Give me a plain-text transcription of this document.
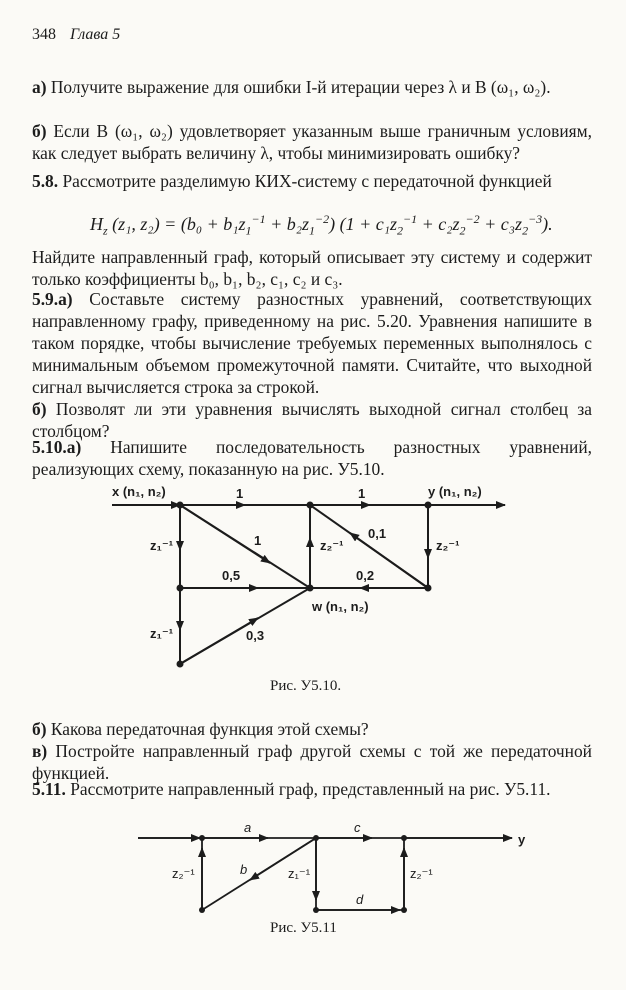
348 Глава 5

а) Получите выражение для ошибки I-й итерации через λ и B (ω₁, ω₂).

б) Если B (ω₁, ω₂) удовлетворяет указанным выше граничным условиям, как следует выбрать величину λ, чтобы минимизировать ошибку?

5.8. Рассмотрите разделимую КИХ-систему с передаточной функцией

$H_z$ (z₁, $z_2) = (b_0 + b_1z_1^{-1} + b_2z_1^{-2})$ $(1 + c_1z_2^{-1} + c_2z_2^{-2} + c_3z_2^{-3})$.

Найдите направленный граф, который описывает эту систему и содержит только коэффициенты b₀, b₁, b₂, c₁, c₂ и c₃.

5.9.а) Составьте систему разностных уравнений, соответствующих направленному графу, приведенному на рис. 5.20. Уравнения напишите в таком порядке, чтобы вычисление требуемых переменных выполнялось с минимальным объемом промежуточной памяти. Считайте, что выходной сигнал вычисляется строка за строкой.

б) Позволят ли эти уравнения вычислять выходной сигнал столбец за столбцом?

5.10.а) Напишите последовательность разностных уравнений, реализующих схему, показанную на рис. У5.10.

x (n₁, n₂)	y (n₁, n₂)
w (n₁, n₂)
1	1
1	0,1
0,5	0,2
0,3
z₁⁻¹	z₂⁻¹	z₂⁻¹
z₁⁻¹
Рис. У5.10.

б) Какова передаточная функция этой схемы?

в) Постройте направленный граф другой схемы с той же передаточной функцией.

5.11. Рассмотрите направленный граф, представленный на рис. У5.11.

a	c
b
d
y
z₂⁻¹	z₁⁻¹	z₂⁻¹
Рис. У5.11
